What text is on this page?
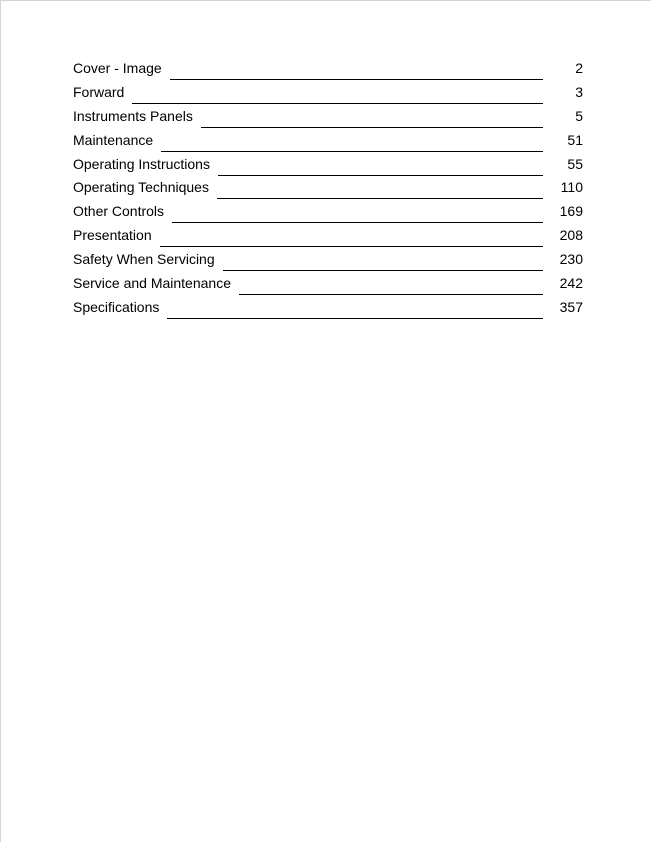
Cover - Image	2
Forward	3
Instruments Panels	5
Maintenance	51
Operating Instructions	55
Operating Techniques	110
Other Controls	169
Presentation	208
Safety When Servicing	230
Service and Maintenance	242
Specifications	357
